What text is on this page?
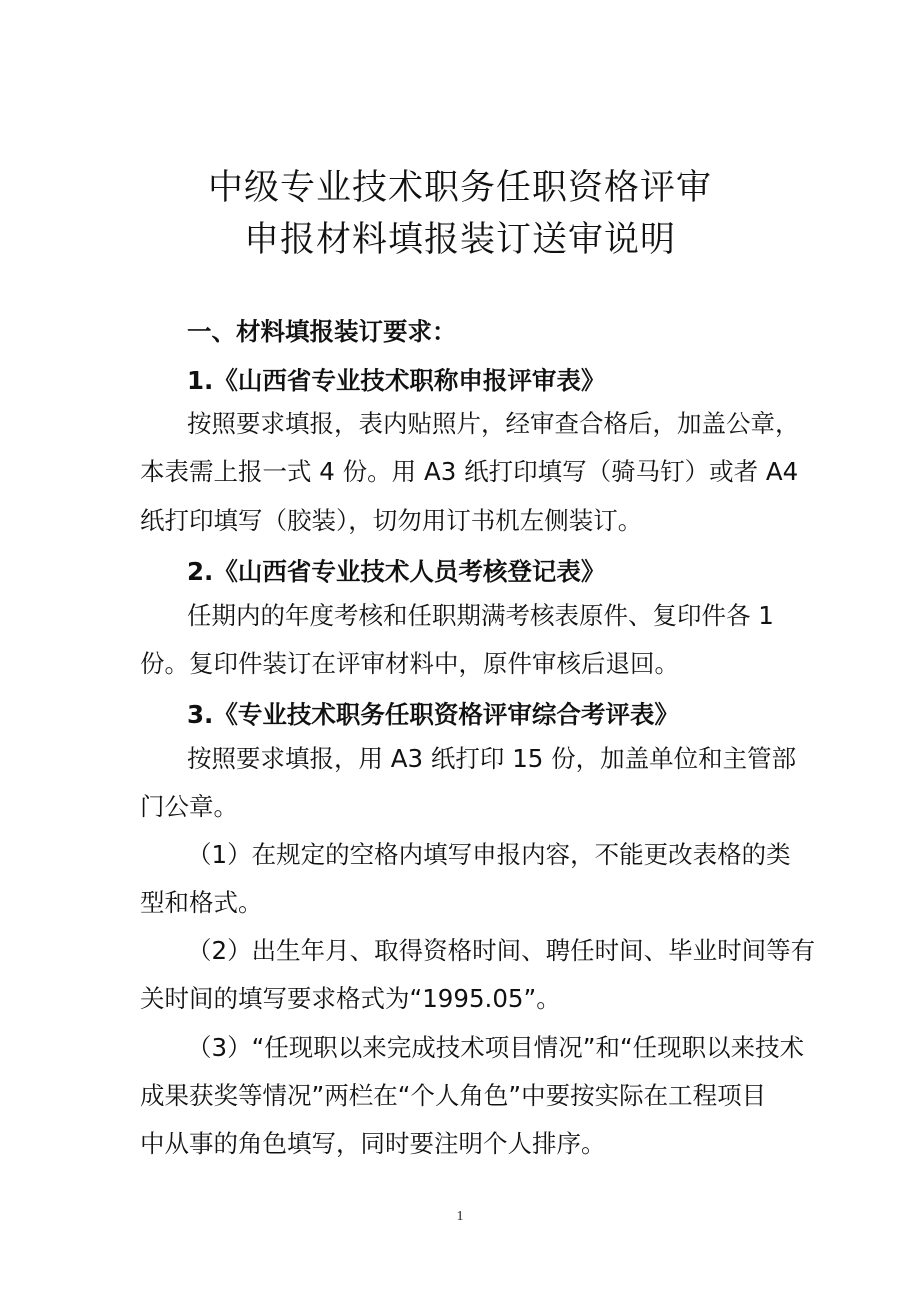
中级专业技术职务任职资格评审
申报材料填报装订送审说明
一、材料填报装订要求：
1.《山西省专业技术职称申报评审表》
按照要求填报，表内贴照片，经审查合格后，加盖公章，
本表需上报一式 4 份。用 A3 纸打印填写（骑马钉）或者 A4
纸打印填写（胶装），切勿用订书机左侧装订。
2.《山西省专业技术人员考核登记表》
任期内的年度考核和任职期满考核表原件、复印件各 1
份。复印件装订在评审材料中，原件审核后退回。
3.《专业技术职务任职资格评审综合考评表》
按照要求填报，用 A3 纸打印 15 份，加盖单位和主管部
门公章。
（1）在规定的空格内填写申报内容，不能更改表格的类
型和格式。
（2）出生年月、取得资格时间、聘任时间、毕业时间等有
关时间的填写要求格式为“1995.05”。
（3）“任现职以来完成技术项目情况”和“任现职以来技术
成果获奖等情况”两栏在“个人角色”中要按实际在工程项目
中从事的角色填写，同时要注明个人排序。
1
